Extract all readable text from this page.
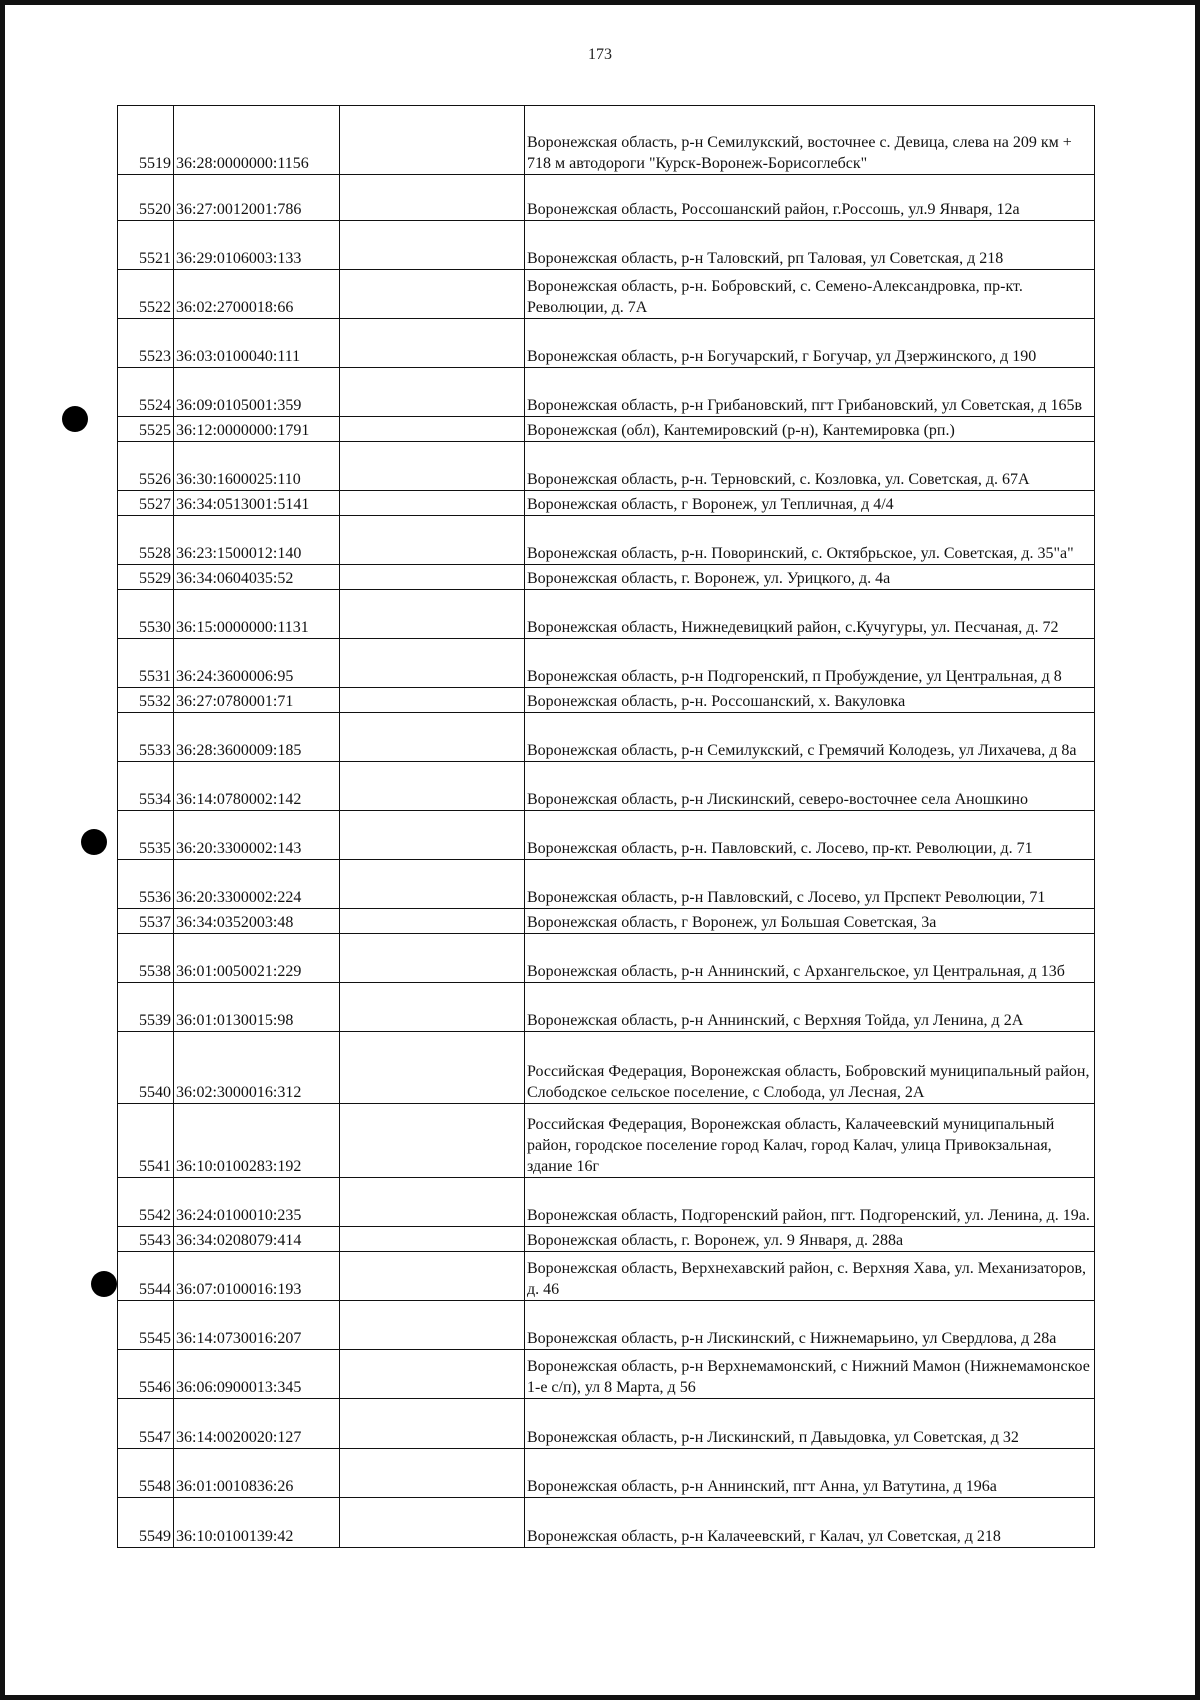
173
5519	36:28:0000000:1156		Воронежская область, р-н Семилукский, восточнее с. Девица, слева на 209 км + 718 м автодороги "Курск-Воронеж-Борисоглебск"
5520	36:27:0012001:786		Воронежская область, Россошанский район, г.Россошь, ул.9 Января, 12а
5521	36:29:0106003:133		Воронежская область, р-н Таловский, рп Таловая, ул Советская, д 218
5522	36:02:2700018:66		Воронежская область, р-н. Бобровский, с. Семено-Александровка, пр-кт. Революции, д. 7А
5523	36:03:0100040:111		Воронежская область, р-н Богучарский, г Богучар, ул Дзержинского, д 190
5524	36:09:0105001:359		Воронежская область, р-н Грибановский, пгт Грибановский, ул Советская, д 165в
5525	36:12:0000000:1791		Воронежская (обл), Кантемировский (р-н), Кантемировка (рп.)
5526	36:30:1600025:110		Воронежская область, р-н. Терновский, с. Козловка, ул. Советская, д. 67А
5527	36:34:0513001:5141		Воронежская область, г Воронеж, ул Тепличная, д 4/4
5528	36:23:1500012:140		Воронежская область, р-н. Поворинский, с. Октябрьское, ул. Советская, д. 35"а"
5529	36:34:0604035:52		Воронежская область, г. Воронеж, ул. Урицкого, д. 4а
5530	36:15:0000000:1131		Воронежская область, Нижнедевицкий район, с.Кучугуры, ул. Песчаная, д. 72
5531	36:24:3600006:95		Воронежская область, р-н Подгоренский, п Пробуждение, ул Центральная, д 8
5532	36:27:0780001:71		Воронежская область, р-н. Россошанский, х. Вакуловка
5533	36:28:3600009:185		Воронежская область, р-н Семилукский, с Гремячий Колодезь, ул Лихачева, д 8а
5534	36:14:0780002:142		Воронежская область, р-н Лискинский, северо-восточнее села Аношкино
5535	36:20:3300002:143		Воронежская область, р-н. Павловский, с. Лосево, пр-кт. Революции, д. 71
5536	36:20:3300002:224		Воронежская область, р-н Павловский, с Лосево, ул Прспект Революции, 71
5537	36:34:0352003:48		Воронежская область, г Воронеж, ул Большая Советская, 3а
5538	36:01:0050021:229		Воронежская область, р-н Аннинский, с Архангельское, ул Центральная, д 13б
5539	36:01:0130015:98		Воронежская область, р-н Аннинский, с Верхняя Тойда, ул Ленина, д 2А
5540	36:02:3000016:312		Российская Федерация, Воронежская область, Бобровский муниципальный район, Слободское сельское поселение, с Слобода, ул Лесная, 2А
5541	36:10:0100283:192		Российская Федерация, Воронежская область, Калачеевский муниципальный район, городское поселение город Калач, город Калач, улица Привокзальная, здание 16г
5542	36:24:0100010:235		Воронежская область, Подгоренский район, пгт. Подгоренский, ул. Ленина, д. 19а.
5543	36:34:0208079:414		Воронежская область, г. Воронеж, ул. 9 Января, д. 288а
5544	36:07:0100016:193		Воронежская область, Верхнехавский район, с. Верхняя Хава, ул. Механизаторов, д. 46
5545	36:14:0730016:207		Воронежская область, р-н Лискинский, с Нижнемарьино, ул Свердлова, д 28а
5546	36:06:0900013:345		Воронежская область, р-н Верхнемамонский, с Нижний Мамон (Нижнемамонское 1-е с/п), ул 8 Марта, д 56
5547	36:14:0020020:127		Воронежская область, р-н Лискинский, п Давыдовка, ул Советская, д 32
5548	36:01:0010836:26		Воронежская область, р-н Аннинский, пгт Анна, ул Ватутина, д 196а
5549	36:10:0100139:42		Воронежская область, р-н Калачеевский, г Калач, ул Советская, д 218
